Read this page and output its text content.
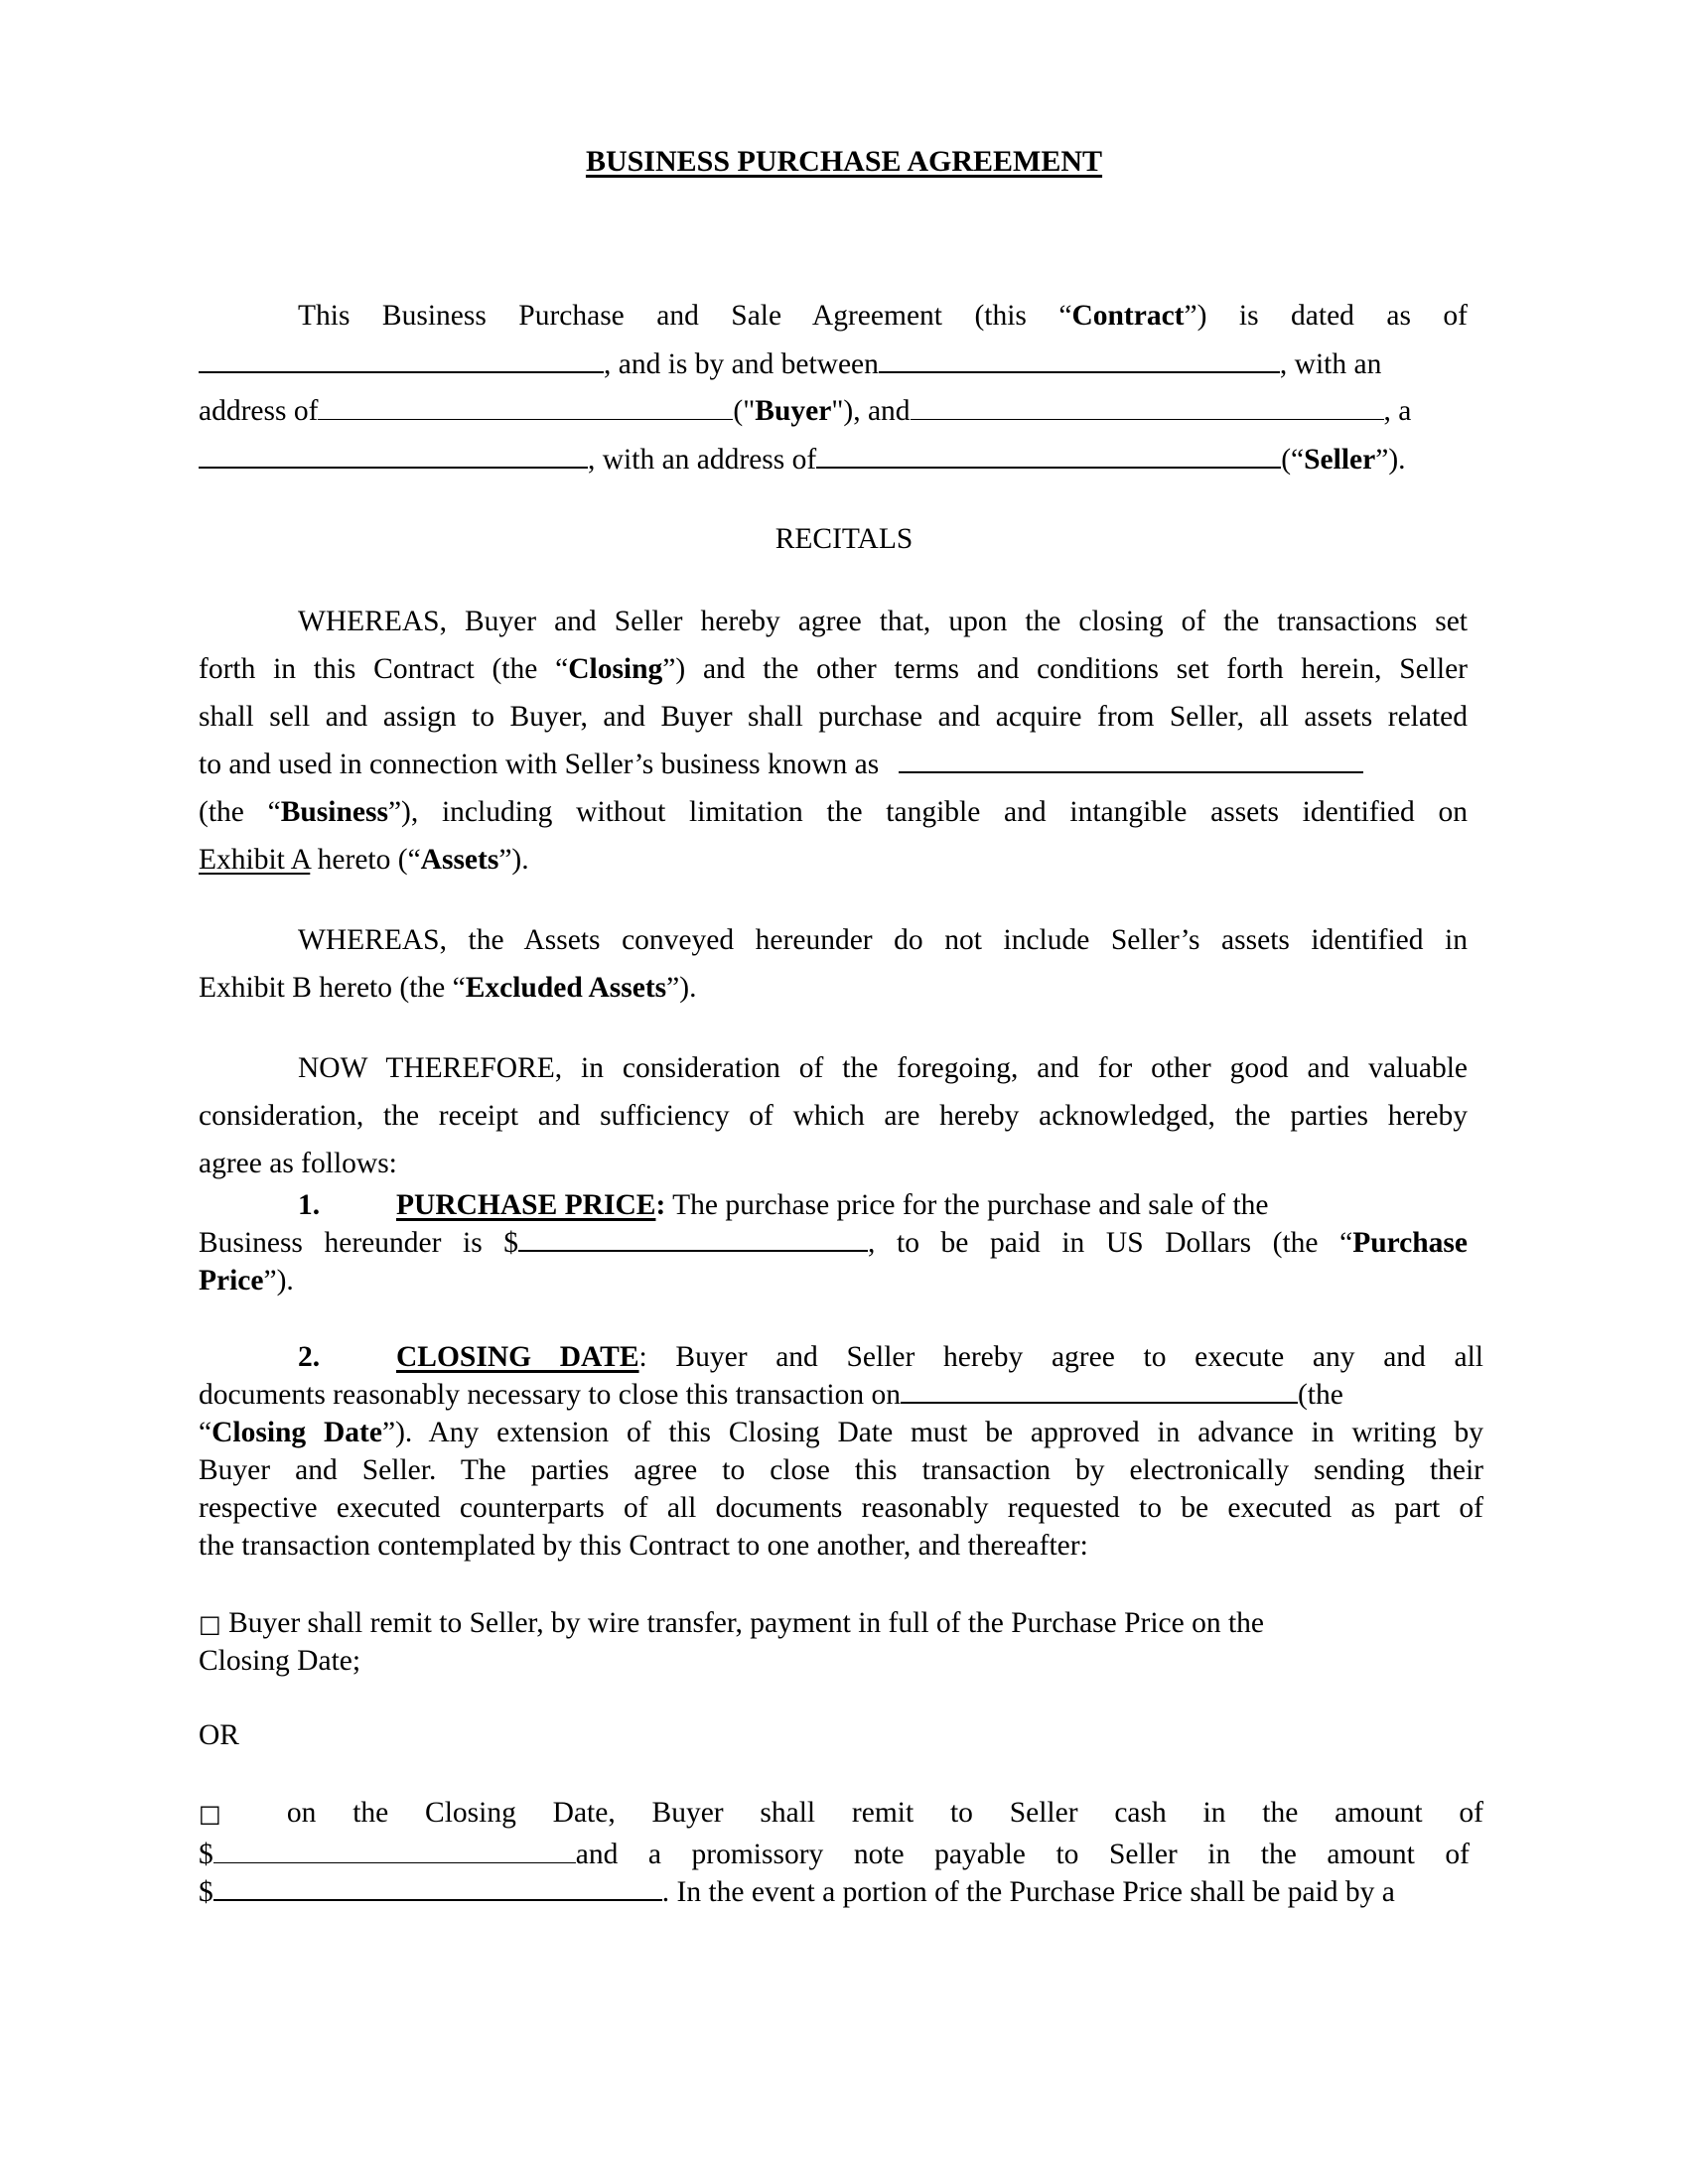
BUSINESS PURCHASE AGREEMENT
This Business Purchase and Sale Agreement (this “Contract”) is dated as of
, and is by and between	, with an
address of	("Buyer"), and	, a
, with an address of	(“Seller”).
RECITALS
WHEREAS, Buyer and Seller hereby agree that, upon the closing of the transactions set
forth in this Contract (the “Closing”) and the other terms and conditions set forth herein, Seller
shall sell and assign to Buyer, and Buyer shall purchase and acquire from Seller, all assets related
to and used in connection with Seller’s business known as
(the “Business”), including without limitation the tangible and intangible assets identified on
Exhibit A hereto (“Assets”).
WHEREAS, the Assets conveyed hereunder do not include Seller’s assets identified in
Exhibit B hereto (the “Excluded Assets”).
NOW THEREFORE, in consideration of the foregoing, and for other good and valuable
consideration, the receipt and sufficiency of which are hereby acknowledged, the parties hereby
agree as follows:
1.	PURCHASE PRICE: The purchase price for the purchase and sale of the
Business hereunder is $	, to be paid in US Dollars (the “Purchase
Price”).
2.	CLOSING DATE: Buyer and Seller hereby agree to execute any and all
documents reasonably necessary to close this transaction on	(the
“Closing Date”). Any extension of this Closing Date must be approved in advance in writing by
Buyer and Seller. The parties agree to close this transaction by electronically sending their
respective executed counterparts of all documents reasonably requested to be executed as part of
the transaction contemplated by this Contract to one another, and thereafter:
□ Buyer shall remit to Seller, by wire transfer, payment in full of the Purchase Price on the
Closing Date;
OR
□ on the Closing Date, Buyer shall remit to Seller cash in the amount of
$	and a promissory note payable to Seller in the amount of
$	. In the event a portion of the Purchase Price shall be paid by a
